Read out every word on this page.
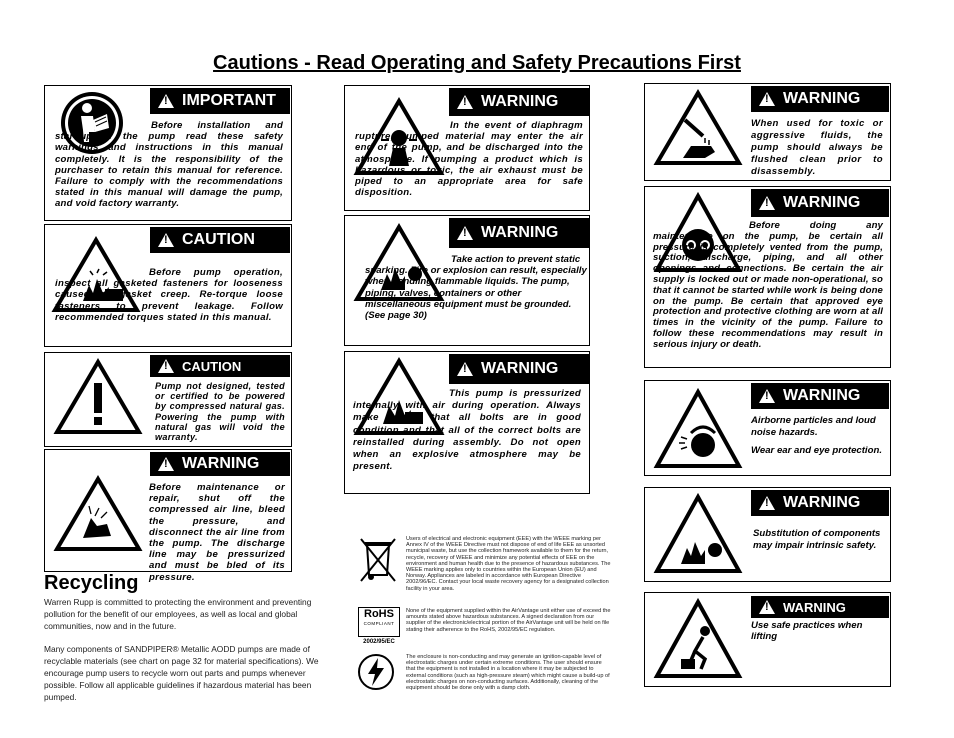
Cautions - Read Operating and Safety Precautions First
!
IMPORTANT
Before installation and start-up of the pump read these safety warnings and instructions in this manual completely. It is the responsibility of the purchaser to retain this manual for reference. Failure to comply with the recommendations stated in this manual will damage the pump, and void factory warranty.
!
CAUTION
Before pump operation, inspect all gasketed fasteners for looseness caused by gasket creep. Re-torque loose fasteners to prevent leakage. Follow recommended torques stated in this manual.
!
CAUTION
Pump not designed, tested or certified to be powered by compressed natural gas. Powering the pump with natural gas will void the warranty.
!
WARNING
Before maintenance or repair, shut off the compressed air line, bleed the pressure, and disconnect the air line from the pump. The discharge line may be pressurized and must be bled of its pressure.
Recycling
Warren Rupp is committed to protecting the environment and preventing pollution for the benefit of our employees, as well as local and global communities, now and in the future.
Many components of SANDPIPER® Metallic AODD pumps are made of recyclable materials (see chart on page 32 for material specifications). We encourage pump users to recycle worn out parts and pumps whenever possible. Follow all applicable guidelines if hazardous material has been pumped.
!
WARNING
In the event of diaphragm rupture, pumped material may enter the air end of the pump, and be discharged into the atmosphere. If pumping a product which is hazardous or toxic, the air exhaust must be piped to an appropriate area for safe disposition.
!
WARNING
Take action to prevent static sparking. Fire or explosion can result, especially when handling flammable liquids. The pump, piping, valves, containers or other miscellaneous equipment must be grounded. (See page 30)
!
WARNING
This pump is pressurized internally with air during operation. Always make certain that all bolts are in good condition and that all of the correct bolts are reinstalled during assembly. Do not open when an explosive atmosphere may be present.
Users of electrical and electronic equipment (EEE) with the WEEE marking per Annex IV of the WEEE Directive must not dispose of end of life EEE as unsorted municipal waste, but use the collection framework available to them for the return, recycle, recovery of WEEE and minimize any potential effects of EEE on the environment and human health due to the presence of hazardous substances. The WEEE marking applies only to countries within the European Union (EU) and Norway. Appliances are labeled in accordance with European Directive 2002/96/EC. Contact your local waste recovery agency for a designated collection facility in your area.
RoHS
COMPLIANT
2002/95/EC
None of the equipment supplied within the AirVantage unit either use of exceed the amounts stated above hazardous substances. A signed declaration from our supplier of the electronic/electrical portion of the AirVantage unit will be held on file stating their adherence to the RoHS, 2002/95/EC regulation.
The enclosure is non-conducting and may generate an ignition-capable level of electrostatic charges under certain extreme conditions. The user should ensure that the equipment is not installed in a location where it may be subjected to external conditions (such as high-pressure steam) which might cause a build-up of electrostatic charges on non-conducting surfaces. Additionally, cleaning of the equipment should be done only with a damp cloth.
!
WARNING
When used for toxic or aggressive fluids, the pump should always be flushed clean prior to disassembly.
!
WARNING
Before doing any maintenance on the pump, be certain all pressure is completely vented from the pump, suction, discharge, piping, and all other openings and connections. Be certain the air supply is locked out or made non-operational, so that it cannot be started while work is being done on the pump. Be certain that approved eye protection and protective clothing are worn at all times in the vicinity of the pump. Failure to follow these recommendations may result in serious injury or death.
!
WARNING
Airborne particles and loud noise hazards.
Wear ear and eye protection.
!
WARNING
Substitution of components may impair intrinsic safety.
!
WARNING
Use safe practices when lifting
